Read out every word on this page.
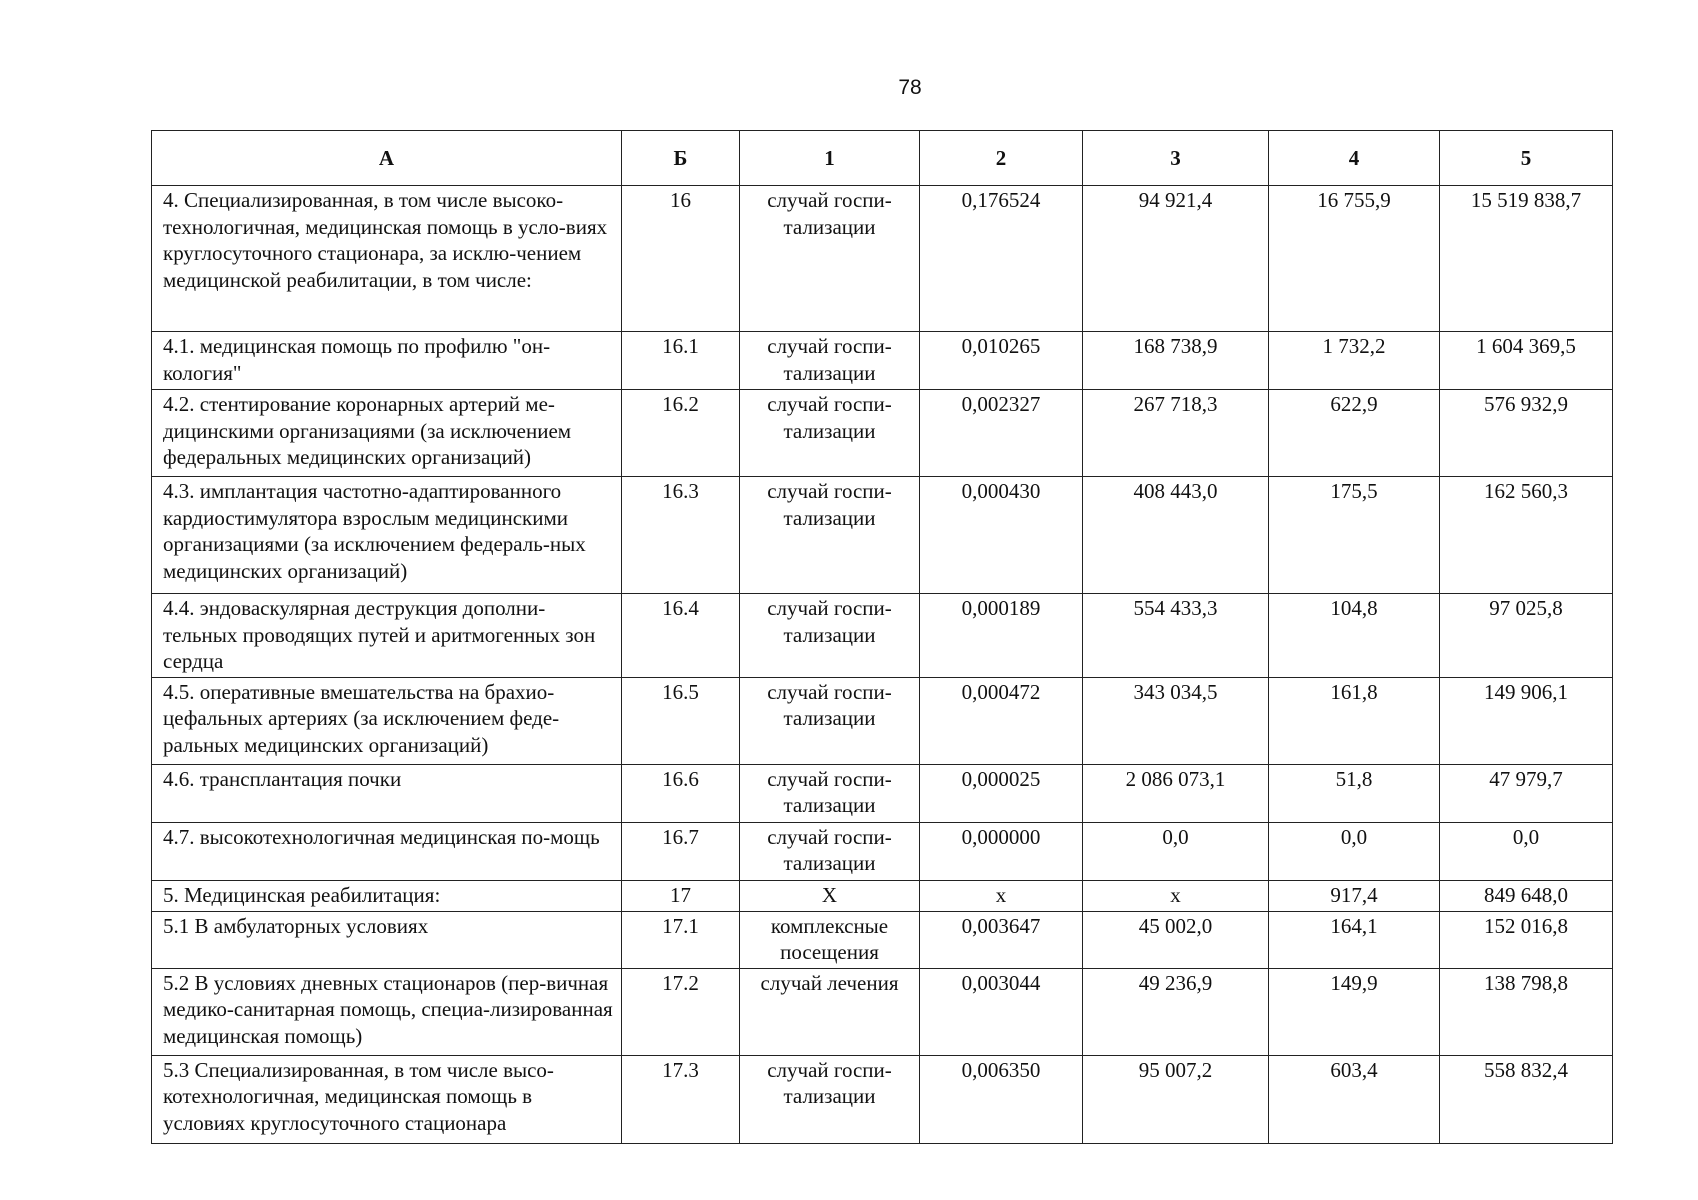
78
А	Б	1	2	3	4	5
4. Специализированная, в том числе высоко-технологичная, медицинская помощь в усло-виях круглосуточного стационара, за исклю-чением медицинской реабилитации, в том числе:	16	случай госпи-тализации	0,176524	94 921,4	16 755,9	15 519 838,7
4.1. медицинская помощь по профилю "он-кология"	16.1	случай госпи-тализации	0,010265	168 738,9	1 732,2	1 604 369,5
4.2. стентирование коронарных артерий ме-дицинскими организациями (за исключением федеральных медицинских организаций)	16.2	случай госпи-тализации	0,002327	267 718,3	622,9	576 932,9
4.3. имплантация частотно-адаптированного кардиостимулятора взрослым медицинскими организациями (за исключением федераль-ных медицинских организаций)	16.3	случай госпи-тализации	0,000430	408 443,0	175,5	162 560,3
4.4. эндоваскулярная деструкция дополни-тельных проводящих путей и аритмогенных зон сердца	16.4	случай госпи-тализации	0,000189	554 433,3	104,8	97 025,8
4.5. оперативные вмешательства на брахио-цефальных артериях (за исключением феде-ральных медицинских организаций)	16.5	случай госпи-тализации	0,000472	343 034,5	161,8	149 906,1
4.6. трансплантация почки	16.6	случай госпи-тализации	0,000025	2 086 073,1	51,8	47 979,7
4.7. высокотехнологичная медицинская по-мощь	16.7	случай госпи-тализации	0,000000	0,0	0,0	0,0
5. Медицинская реабилитация:	17	X	x	x	917,4	849 648,0
5.1 В амбулаторных условиях	17.1	комплексные посещения	0,003647	45 002,0	164,1	152 016,8
5.2 В условиях дневных стационаров (пер-вичная медико-санитарная помощь, специа-лизированная медицинская помощь)	17.2	случай лечения	0,003044	49 236,9	149,9	138 798,8
5.3 Специализированная, в том числе высо-котехнологичная, медицинская помощь в условиях круглосуточного стационара	17.3	случай госпи-тализации	0,006350	95 007,2	603,4	558 832,4
